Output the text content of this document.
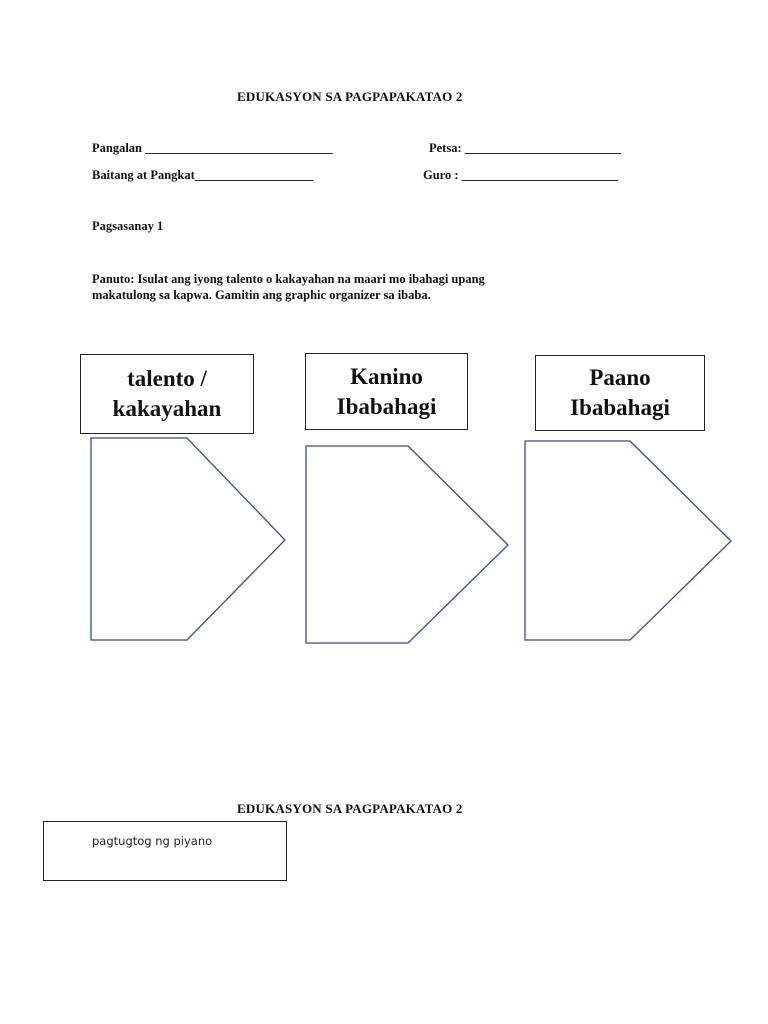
EDUKASYON SA PAGPAPAKATAO 2
Pangalan ______________________________	Petsa: _________________________
Baitang at Pangkat___________________	Guro : _________________________
Pagsasanay 1
Panuto: Isulat ang iyong talento o kakayahan na maari mo ibahagi upang
makatulong sa kapwa. Gamitin ang graphic organizer sa ibaba.
talento /
kakayahan
Kanino
Ibabahagi
Paano
Ibabahagi
EDUKASYON SA PAGPAPAKATAO 2
pagtugtog ng piyano
